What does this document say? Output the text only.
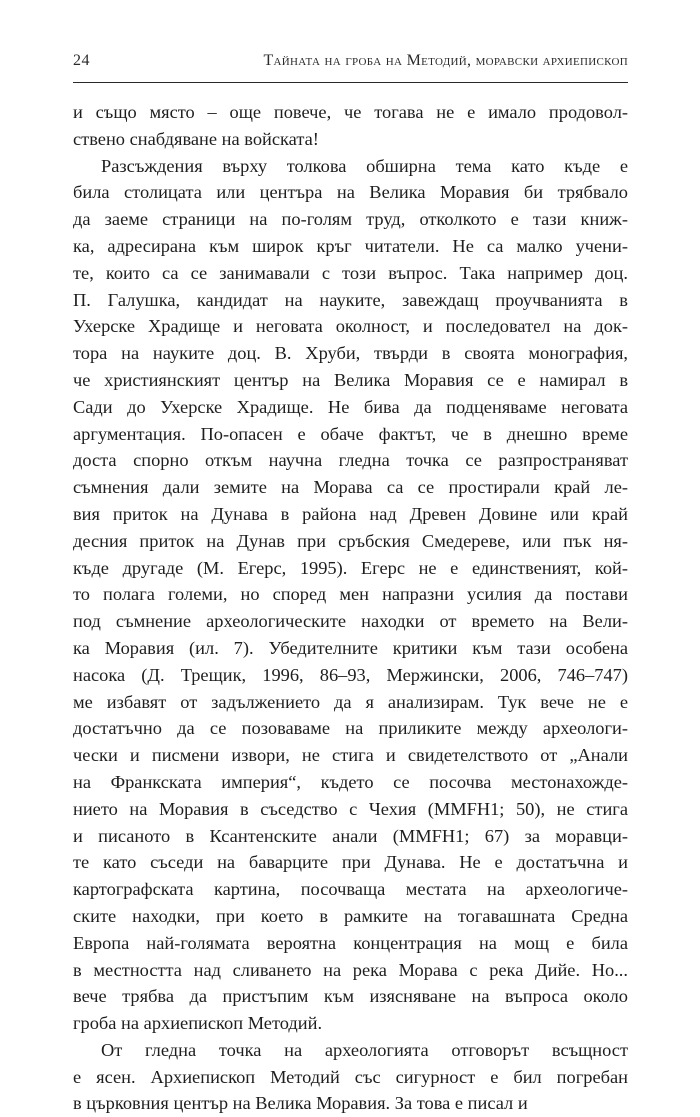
24	Тайната на гроба на Методий, моравски архиепископ
и също място – още повече, че тогава не е имало продовол-
ствено снабдяване на войската!
Разсъждения върху толкова обширна тема като къде е
била столицата или центъра на Велика Моравия би трябвало
да заеме страници на по-голям труд, отколкото е тази книж-
ка, адресирана към широк кръг читатели. Не са малко учени-
те, които са се занимавали с този въпрос. Така например доц.
П. Галушка, кандидат на науките, завеждащ проучванията в
Ухерске Храдище и неговата околност, и последовател на док-
тора на науките доц. В. Хруби, твърди в своята монография,
че християнският център на Велика Моравия се е намирал в
Сади до Ухерске Храдище. Не бива да подценяваме неговата
аргументация. По-опасен е обаче фактът, че в днешно време
доста спорно откъм научна гледна точка се разпространяват
съмнения дали земите на Морава са се простирали край ле-
вия приток на Дунава в района над Древен Довине или край
десния приток на Дунав при сръбския Смедереве, или пък ня-
къде другаде (М. Егерс, 1995). Егерс не е единственият, кой-
то полага големи, но според мен напразни усилия да постави
под съмнение археологическите находки от времето на Вели-
ка Моравия (ил. 7). Убедителните критики към тази особена
насока (Д. Трещик, 1996, 86–93, Мержински, 2006, 746–747)
ме избавят от задължението да я анализирам. Тук вече не е
достатъчно да се позоваваме на приликите между археологи-
чески и писмени извори, не стига и свидетелството от „Анали
на Франкската империя“, където се посочва местонахожде-
нието на Моравия в съседство с Чехия (MMFH1; 50), не стига
и писаното в Ксантенските анали (MMFH1; 67) за моравци-
те като съседи на баварците при Дунава. Не е достатъчна и
картографската картина, посочваща местата на археологиче-
ските находки, при което в рамките на тогавашната Средна
Европа най-голямата вероятна концентрация на мощ е била
в местността над сливането на река Морава с река Дийе. Но...
вече трябва да пристъпим към изясняване на въпроса около
гроба на архиепископ Методий.
От гледна точка на археологията отговорът всъщност
е ясен. Архиепископ Методий със сигурност е бил погребан
в църковния център на Велика Моравия. За това е писал и
